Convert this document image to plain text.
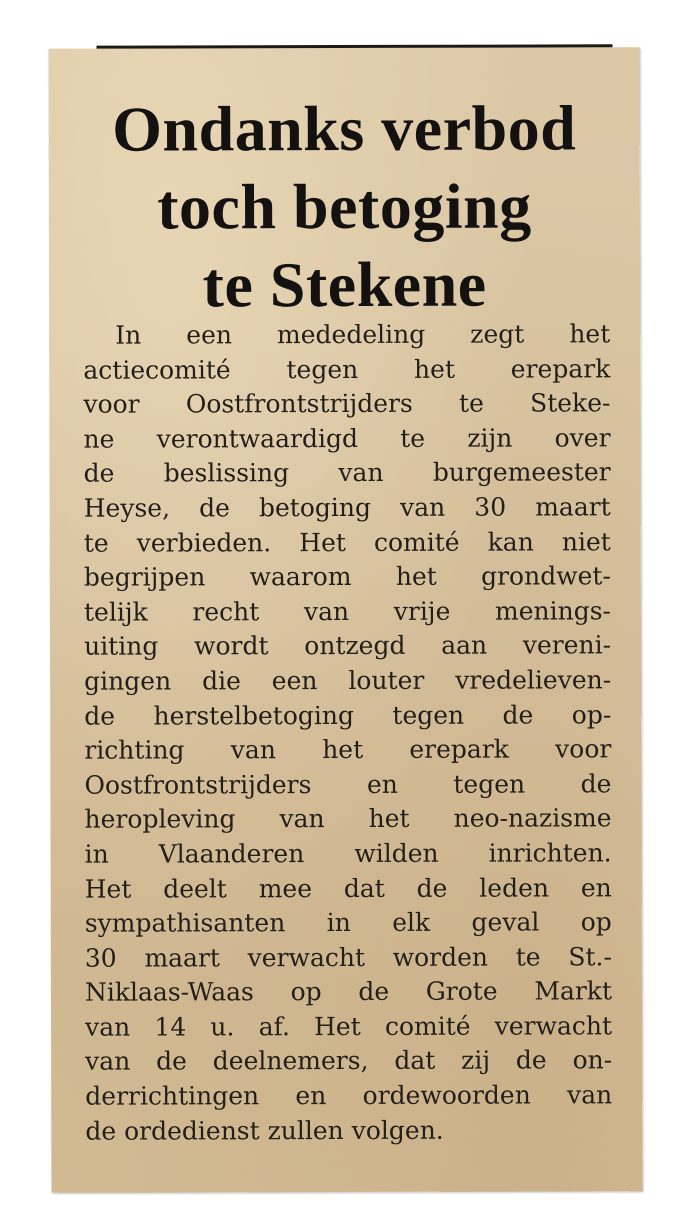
Ondanks verbod
toch betoging
te Stekene
In een mededeling zegt het
actiecomité tegen het erepark
voor Oostfrontstrijders te Steke-
ne verontwaardigd te zijn over
de beslissing van burgemeester
Heyse, de betoging van 30 maart
te verbieden. Het comité kan niet
begrijpen waarom het grondwet-
telijk recht van vrije menings-
uiting wordt ontzegd aan vereni-
gingen die een louter vredelieven-
de herstelbetoging tegen de op-
richting van het erepark voor
Oostfrontstrijders en tegen de
heropleving van het neo-nazisme
in Vlaanderen wilden inrichten.
Het deelt mee dat de leden en
sympathisanten in elk geval op
30 maart verwacht worden te St.-
Niklaas-Waas op de Grote Markt
van 14 u. af. Het comité verwacht
van de deelnemers, dat zij de on-
derrichtingen en ordewoorden van
de ordedienst zullen volgen.
